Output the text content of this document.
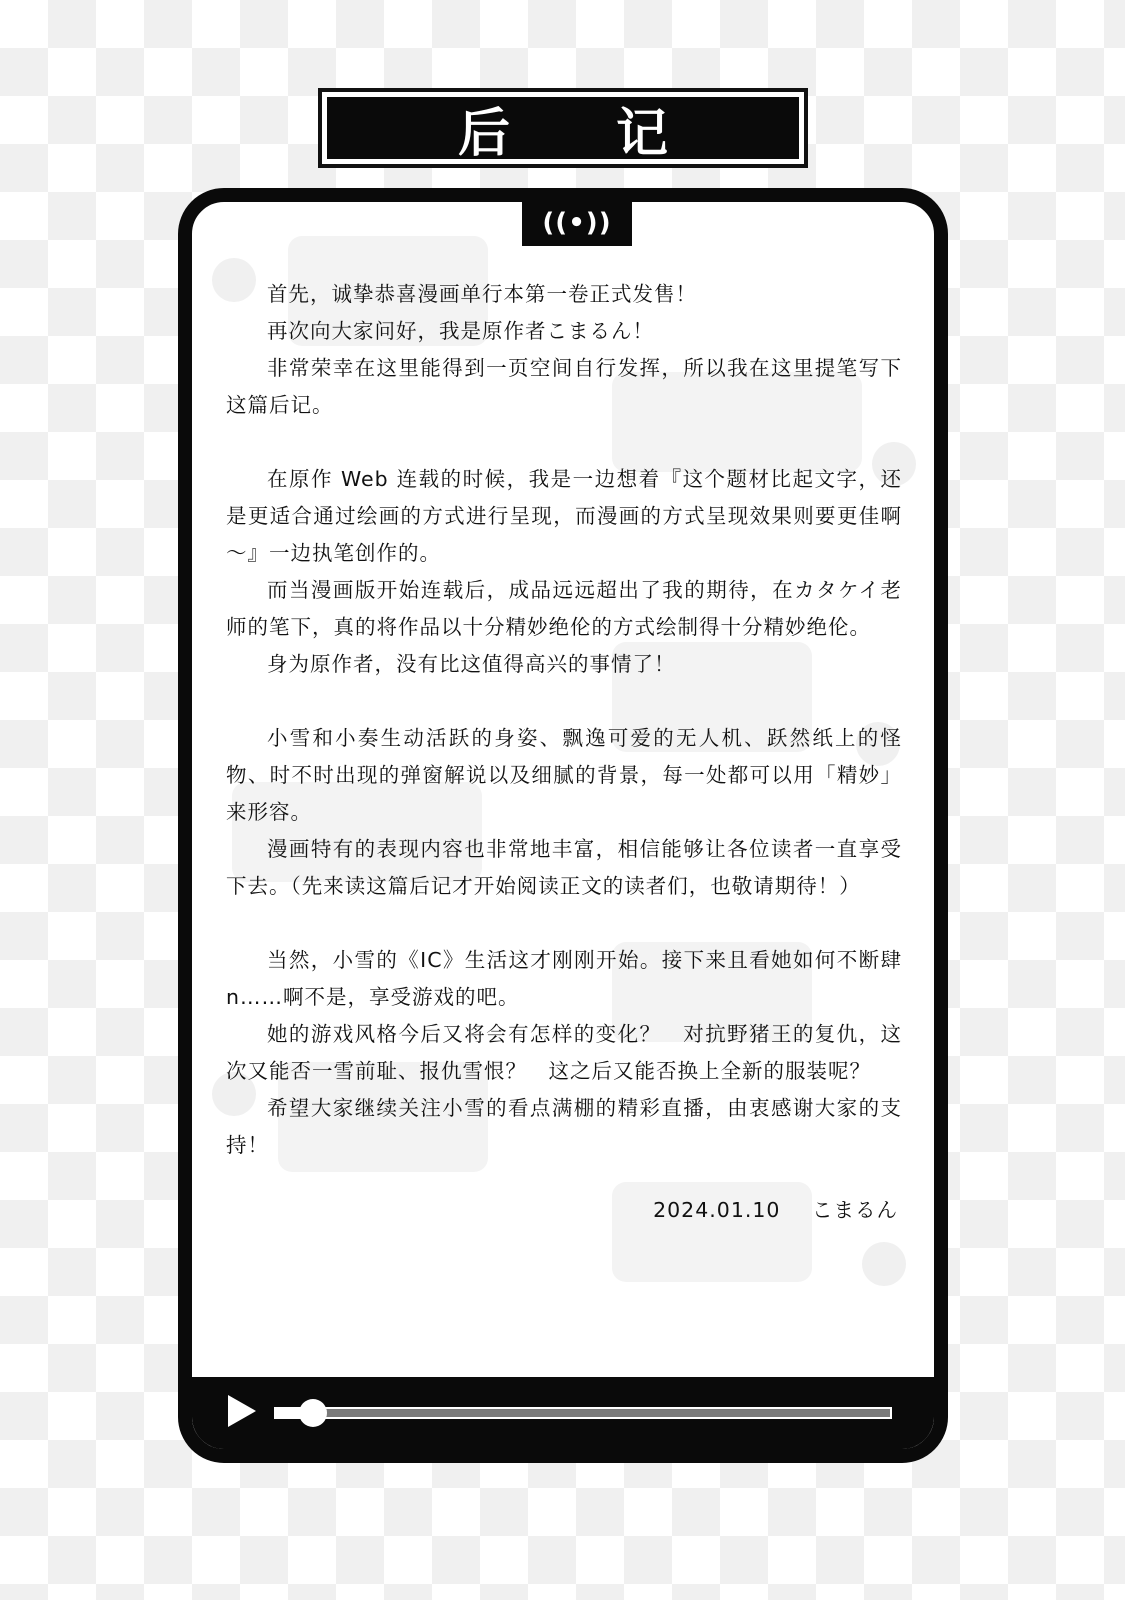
后 记
((•))

首先，诚挚恭喜漫画单行本第一卷正式发售！

再次向大家问好，我是原作者こまるん！

非常荣幸在这里能得到一页空间自行发挥，所以我在这里提笔写下这篇后记。

在原作 Web 连载的时候，我是一边想着『这个题材比起文字，还是更适合通过绘画的方式进行呈现，而漫画的方式呈现效果则要更佳啊～』一边执笔创作的。

而当漫画版开始连载后，成品远远超出了我的期待，在カタケイ老师的笔下，真的将作品以十分精妙绝伦的方式绘制得十分精妙绝伦。

身为原作者，没有比这值得高兴的事情了！

小雪和小奏生动活跃的身姿、飘逸可爱的无人机、跃然纸上的怪物、时不时出现的弹窗解说以及细腻的背景，每一处都可以用「精妙」来形容。

漫画特有的表现内容也非常地丰富，相信能够让各位读者一直享受下去。（先来读这篇后记才开始阅读正文的读者们，也敬请期待！）

当然，小雪的《IC》生活这才刚刚开始。接下来且看她如何不断肆 n……啊不是，享受游戏的吧。

她的游戏风格今后又将会有怎样的变化？　对抗野猪王的复仇，这次又能否一雪前耻、报仇雪恨？　这之后又能否换上全新的服装呢？

希望大家继续关注小雪的看点满棚的精彩直播，由衷感谢大家的支持！

2024.01.10 こまるん
